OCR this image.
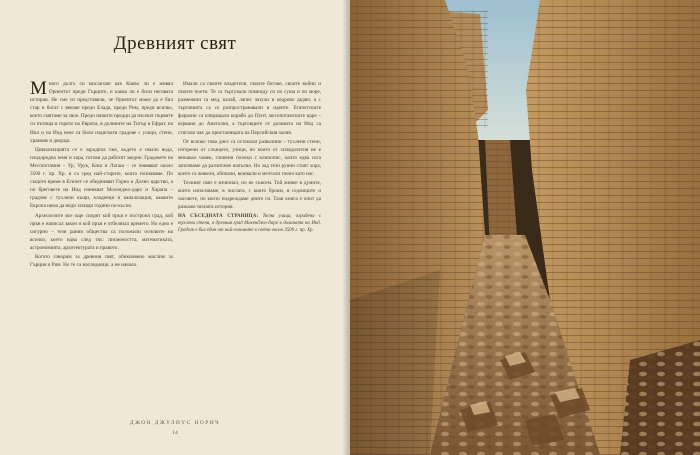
Древният свят

Много дълго си мислихме как Какво ли е живял Ориентът преди Гърците, и каква ли е била неговата история. Не сме си представяли, че Ориентът може да е бил стар и богат с векове преди Елада, преди Рим, преди всичко, което смятаме за свое. Преди нашите предци да изсекат първите си пътища в горите на Европа, в долините на Тигър и Ефрат, на Нил и на Инд вече са били издигнати градове с улици, стени, храмове и дворци.

Цивилизацията се е зародила там, където е имало вода, плодородна земя и хора, готови да работят заедно. Градовете на Месопотамия – Ур, Урук, Киш и Лагаш – се появяват около 3500 г. пр. Хр. и са сред най-старите, които познаваме. По същото време в Египет се обединяват Горно и Долно царство, а по бреговете на Инд изникват Мохенджо-даро и Харапа – градове с тухлени къщи, кладенци и канализация, каквито Европа няма да види хиляди години по-късно.

Археолозите все още спорят кой пръв е построил град, кой пръв е написал закон и кой пръв е отбелязал времето. Но едно е сигурно – тези ранни общества са положили основите на всичко, което идва след тях: писмеността, математиката, астрономията, архитектурата и правото.

Когато говорим за древния свят, обикновено мислим за Гърция и Рим. Но те са наследници, а не начало.

Имали са своите владетели, своите богове, своите войни и своите поети. Те са търгували помежду си по суша и по море, разменяли са мед, калай, лапис лазули и кедрово дърво, а с търговията са се разпространявали и идеите. Египетските фараони са изпращали кораби до Пунт, месопотамските царе – кервани до Анатолия, а търговците от долината на Инд са стигали чак до пристанищата на Персийския залив.

От всичко това днес са останали развалини – тухлени стени, изгорени от слънцето, улици, по които от хилядолетия не е минавал човек, глинени плочки с клинопис, които едва сега започваме да разчитаме напълно. Но зад тези руини стоят хора, които са живели, обичали, воювали и мечтали точно като нас.

Техният свят е изчезнал, но не съвсем. Той живее в думите, които използваме, в числата, с които броим, в седмиците и часовете, по които подреждаме дните си. Тази книга е опит да разкаже тяхната история.

НА СЪСЕДНАТА СТРАНИЦА: Тясна улица, оградена с тухлени стени, в древния град Мохенджо-даро в долината на Инд. Градът е бил един от най-големите в света около 2500 г. пр. Хр.

ДЖОН ДЖУЛИУС НОРИЧ
14
